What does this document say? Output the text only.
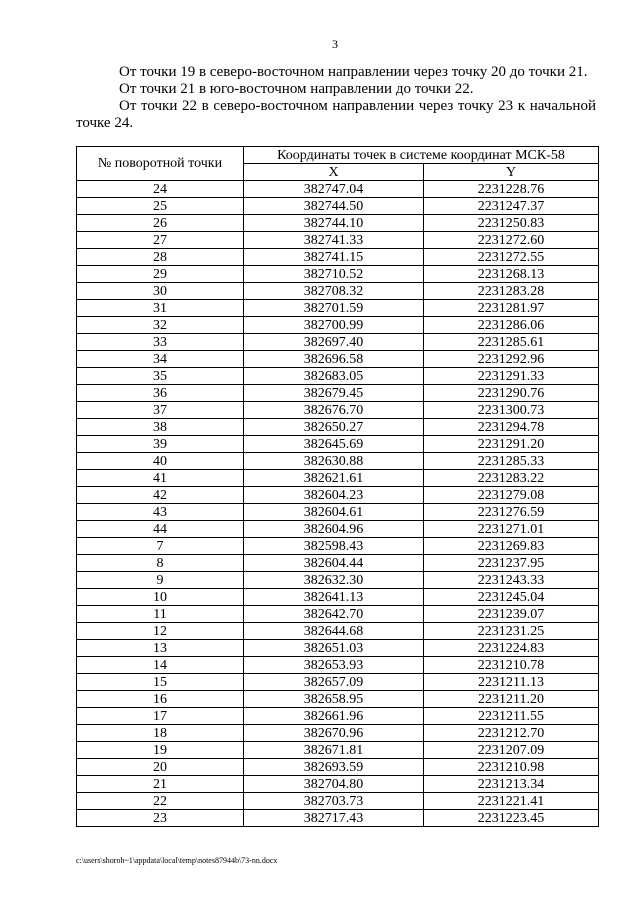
3

От точки 19 в северо-восточном направлении через точку 20 до точки 21.

От точки 21 в юго-восточном направлении до точки 22.

От точки 22 в северо-восточном направлении через точку 23 к начальной точке 24.

№ поворотной точки	Координаты точек в системе координат МСК-58	
	X	Y
24	382747.04	2231228.76
25	382744.50	2231247.37
26	382744.10	2231250.83
27	382741.33	2231272.60
28	382741.15	2231272.55
29	382710.52	2231268.13
30	382708.32	2231283.28
31	382701.59	2231281.97
32	382700.99	2231286.06
33	382697.40	2231285.61
34	382696.58	2231292.96
35	382683.05	2231291.33
36	382679.45	2231290.76
37	382676.70	2231300.73
38	382650.27	2231294.78
39	382645.69	2231291.20
40	382630.88	2231285.33
41	382621.61	2231283.22
42	382604.23	2231279.08
43	382604.61	2231276.59
44	382604.96	2231271.01
7	382598.43	2231269.83
8	382604.44	2231237.95
9	382632.30	2231243.33
10	382641.13	2231245.04
11	382642.70	2231239.07
12	382644.68	2231231.25
13	382651.03	2231224.83
14	382653.93	2231210.78
15	382657.09	2231211.13
16	382658.95	2231211.20
17	382661.96	2231211.55
18	382670.96	2231212.70
19	382671.81	2231207.09
20	382693.59	2231210.98
21	382704.80	2231213.34
22	382703.73	2231221.41
23	382717.43	2231223.45
c:\users\shoroh~1\appdata\local\temp\notes87944b\73-nn.docx
